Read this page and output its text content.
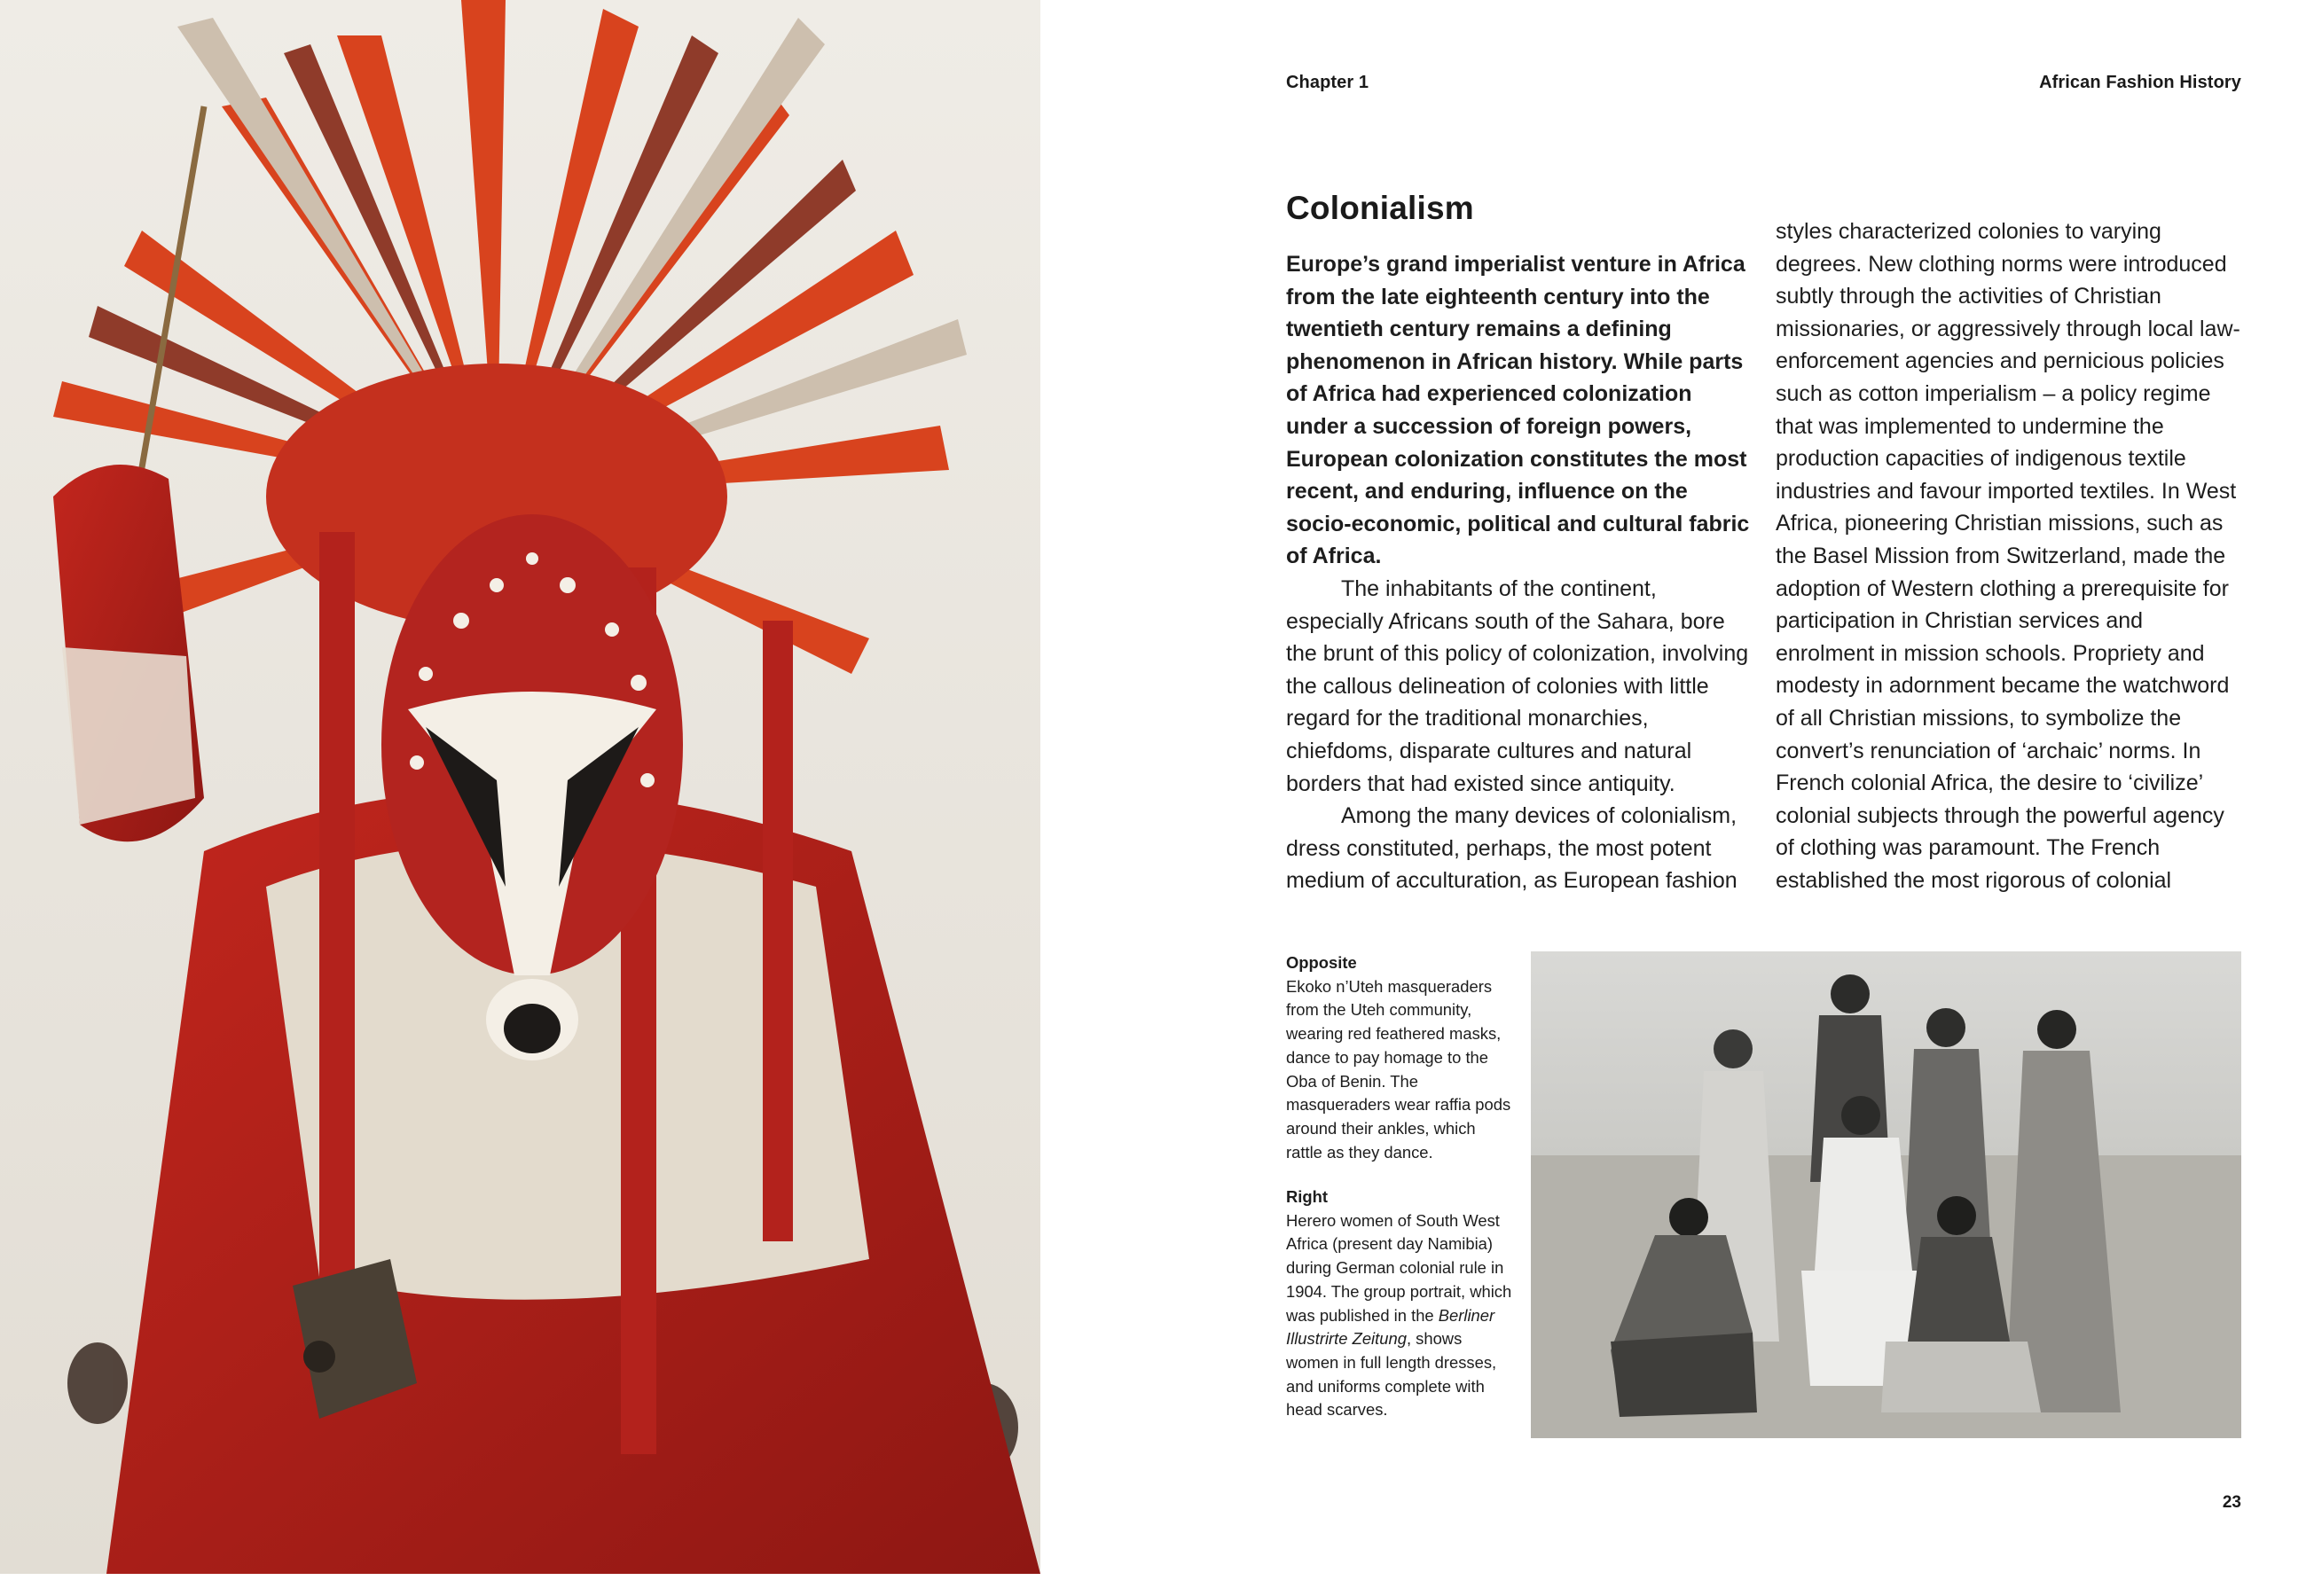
Chapter 1	African Fashion History
Colonialism

Europe’s grand imperialist venture in Africa from the late eighteenth century into the twentieth century remains a defining phenomenon in African history. While parts of Africa had experienced colonization under a succession of foreign powers, European colonization constitutes the most recent, and enduring, influence on the socio-economic, political and cultural fabric of Africa.

The inhabitants of the continent, especially Africans south of the Sahara, bore the brunt of this policy of colonization, involving the callous delineation of colonies with little regard for the traditional monarchies, chiefdoms, disparate cultures and natural borders that had existed since antiquity.

Among the many devices of colonialism, dress constituted, perhaps, the most potent medium of acculturation, as European fashion

styles characterized colonies to varying degrees. New clothing norms were introduced subtly through the activities of Christian missionaries, or aggressively through local law-enforcement agencies and pernicious policies such as cotton imperialism – a policy regime that was implemented to undermine the production capacities of indigenous textile industries and favour imported textiles. In West Africa, pioneering Christian missions, such as the Basel Mission from Switzerland, made the adoption of Western clothing a prerequisite for participation in Christian services and enrolment in mission schools. Propriety and modesty in adornment became the watchword of all Christian missions, to symbolize the convert’s renunciation of ‘archaic’ norms. In French colonial Africa, the desire to ‘civilize’ colonial subjects through the powerful agency of clothing was paramount. The French established the most rigorous of colonial

Opposite
Ekoko n’Uteh masqueraders from the Uteh community, wearing red feathered masks, dance to pay homage to the Oba of Benin. The masqueraders wear raffia pods around their ankles, which rattle as they dance.
Right
Herero women of South West Africa (present day Namibia) during German colonial rule in 1904. The group portrait, which was published in the Berliner Illustrirte Zeitung, shows women in full length dresses, and uniforms complete with head scarves.
23
